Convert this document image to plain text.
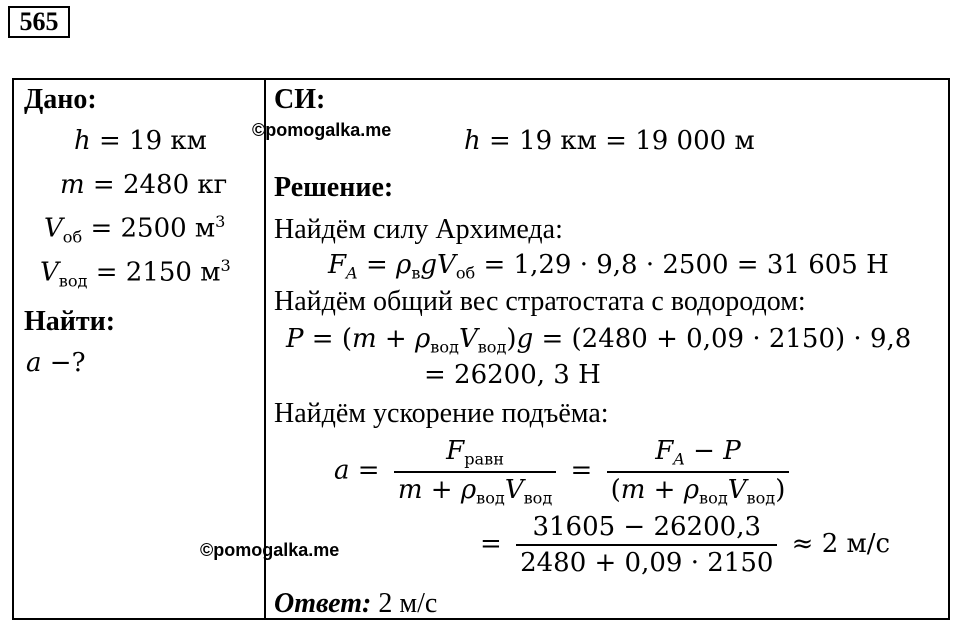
565
Дано:
h = 19 км
m = 2480 кг
$V_{об} = 2500$ $м^3$
$V_{вод} = 2150$ $м^3$
Найти:
a −?
СИ:
©pomogalka.me	h = 19 км = 19 000 м
Решение:
Найдём силу Архимеда:
$F_A = \rho_вgV_{об} = 1,29 \cdot 9,8 \cdot 2500 = 31$ 605 Н
Найдём общий вес стратостата с водородом:
$P = (m + \rho_{вод}V_{вод})g = (2480 + 0,09 \cdot 2150) \cdot 9,8$
= 26200, 3 Н
Найдём ускорение подъёма:
$a = \frac{F_{равн}}{m + \rho_{вод}V_{вод}} = \frac{F_A - P}{(m + \rho_{вод}V_{вод})}$
©pomogalka.me	= $\frac{31605 - 26200,3}{2480 + 0,09 \cdot 2150} \approx 2$ м/с
Ответ: 2 м/с
